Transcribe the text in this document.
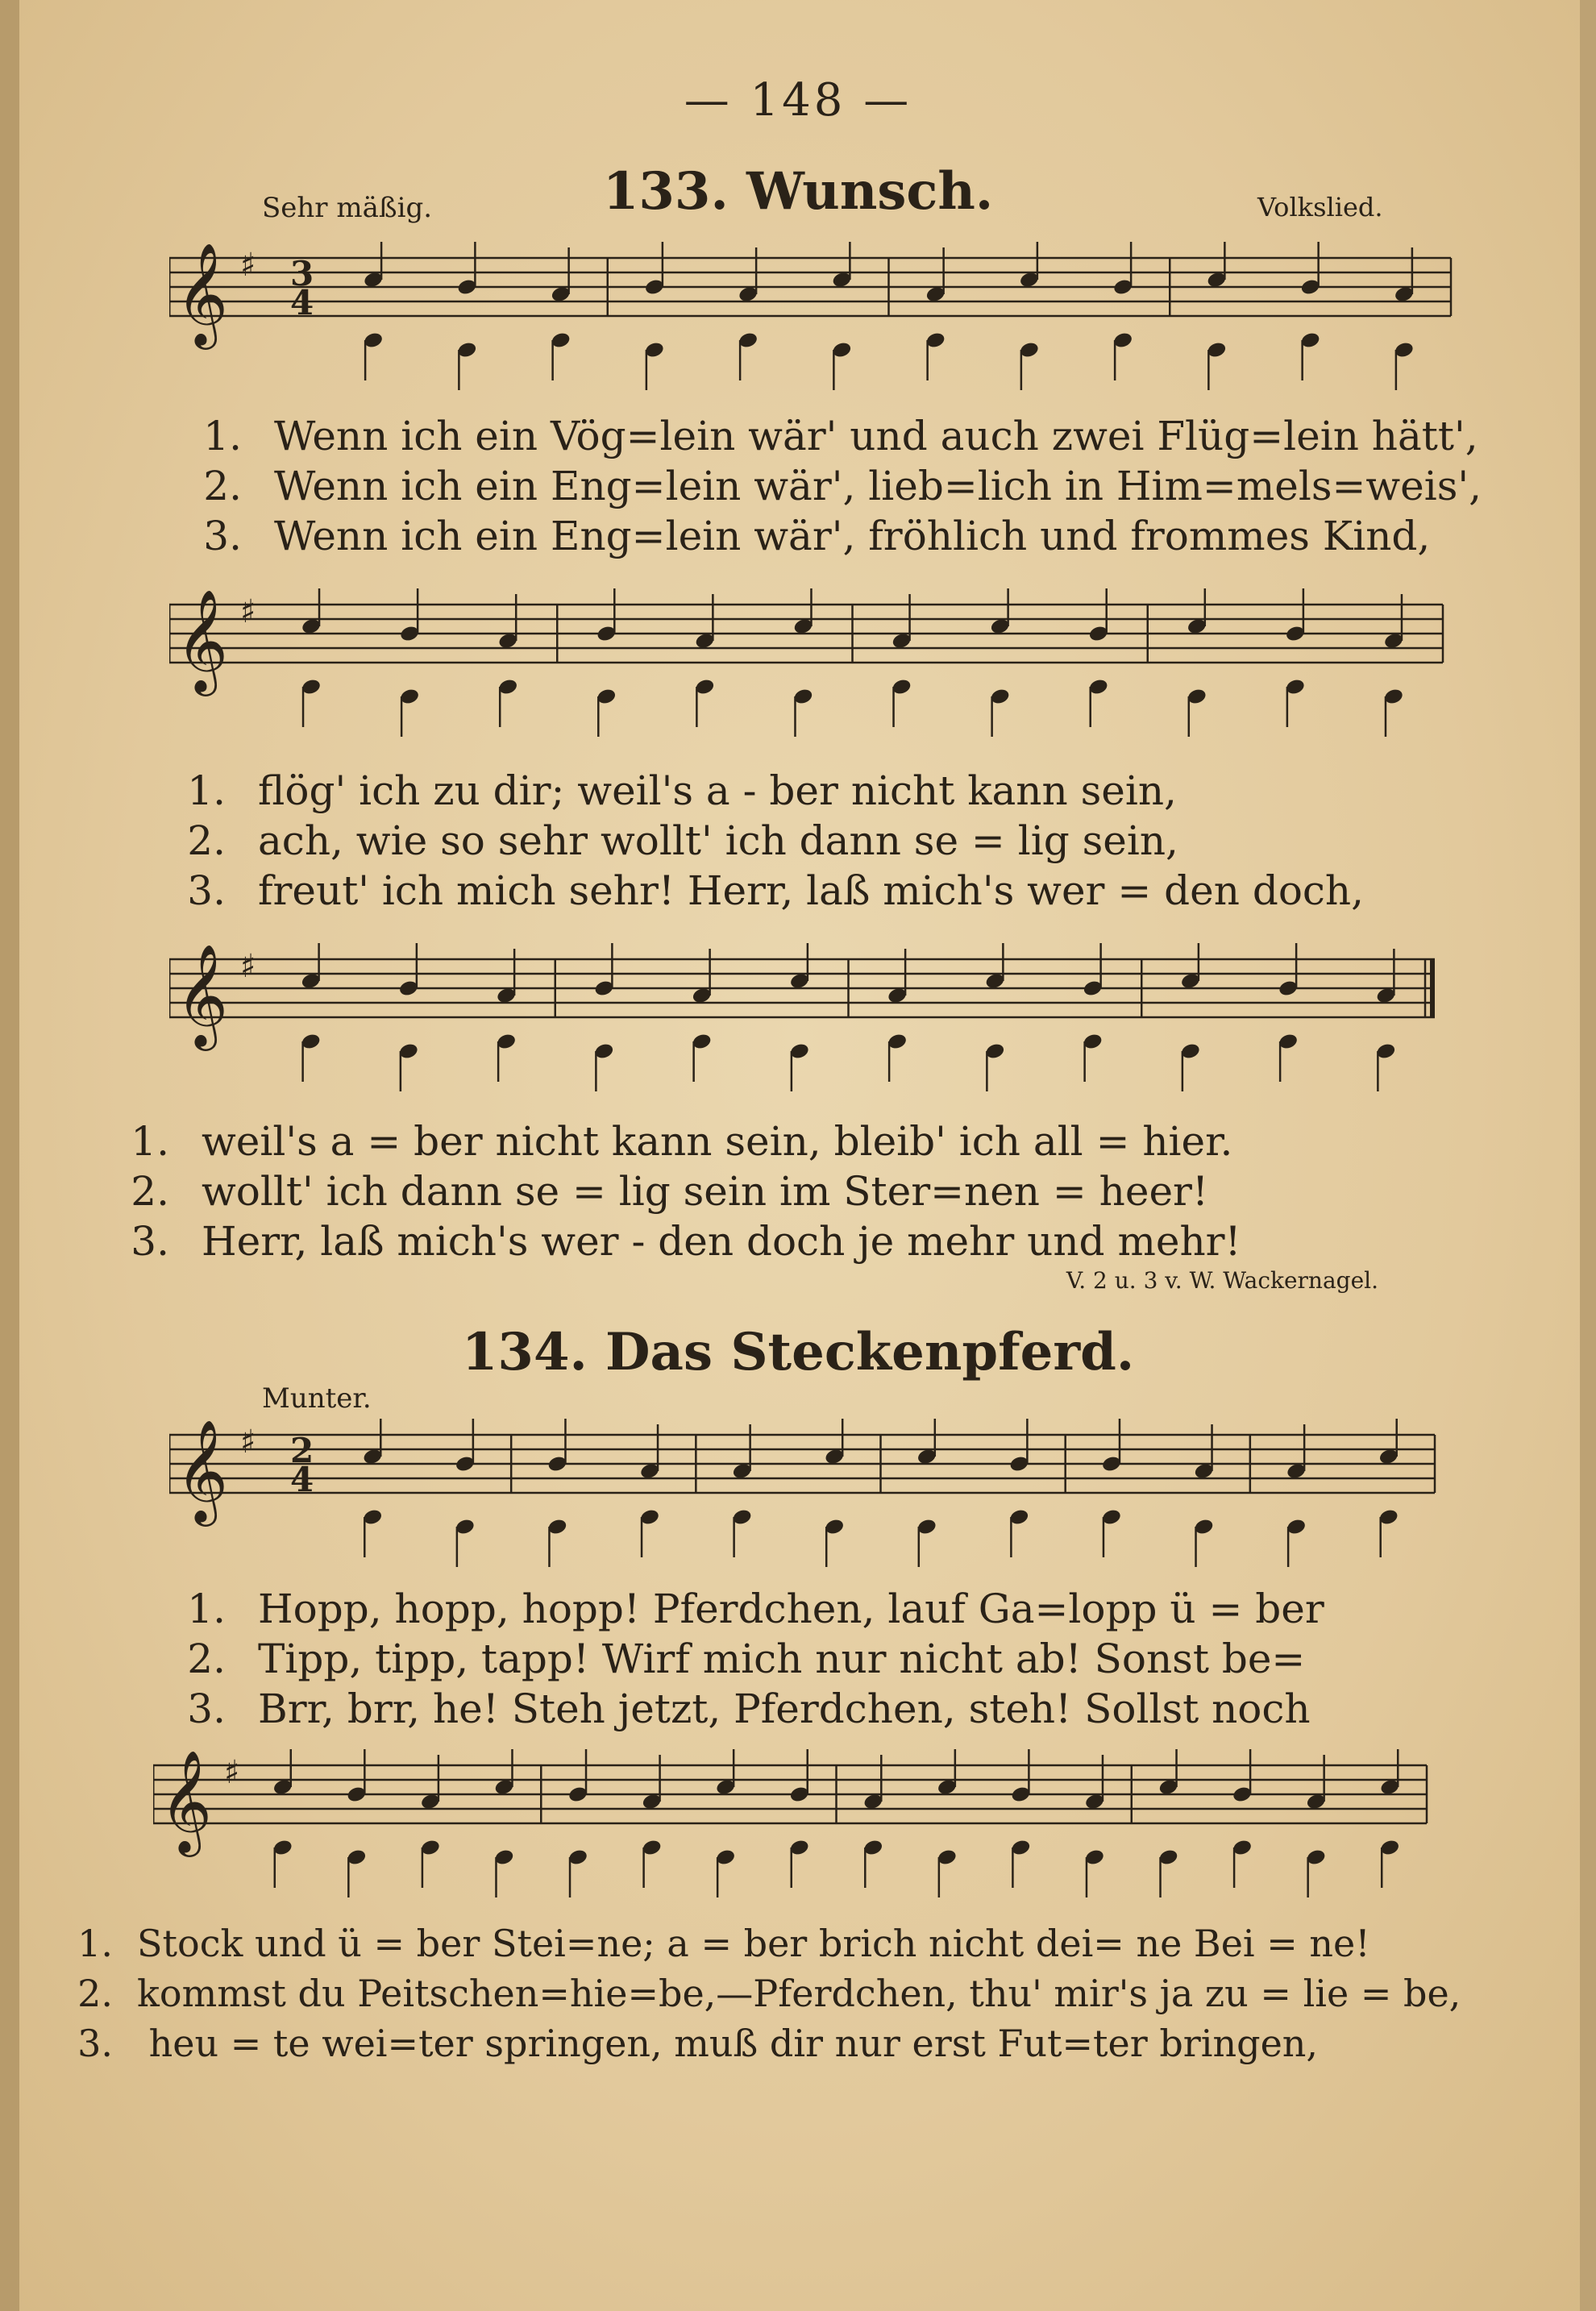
— 148 —
133. Wunsch.
Sehr mäßig.	Volkslied.
𝄞 ♯ 3
4
1. Wenn ich ein Vög=lein wär' und auch zwei Flüg=lein hätt',
2. Wenn ich ein Eng=lein wär', lieb=lich in Him=mels=weis',
3. Wenn ich ein Eng=lein wär', fröhlich und frommes Kind,
𝄞 ♯
1. flög' ich zu dir; weil's a - ber nicht kann sein,
2. ach, wie so sehr wollt' ich dann se = lig sein,
3. freut' ich mich sehr! Herr, laß mich's wer = den doch,
𝄞 ♯
1. weil's a = ber nicht kann sein, bleib' ich all = hier.
2. wollt' ich dann se = lig sein im Ster=nen = heer!
3. Herr, laß mich's wer - den doch je mehr und mehr!
V. 2 u. 3 v. W. Wackernagel.
134. Das Steckenpferd.
Munter.
𝄞 ♯ 2
4
1. Hopp, hopp, hopp! Pferdchen, lauf Ga=lopp ü = ber
2. Tipp, tipp, tapp! Wirf mich nur nicht ab! Sonst be=
3. Brr, brr, he! Steh jetzt, Pferdchen, steh! Sollst noch
𝄞 ♯
1. Stock und ü = ber Stei=ne; a = ber brich nicht dei= ne Bei = ne!
2. kommst du Peitschen=hie=be,—Pferdchen, thu' mir's ja zu = lie = be,
3. heu = te wei=ter springen, muß dir nur erst Fut=ter bringen,
